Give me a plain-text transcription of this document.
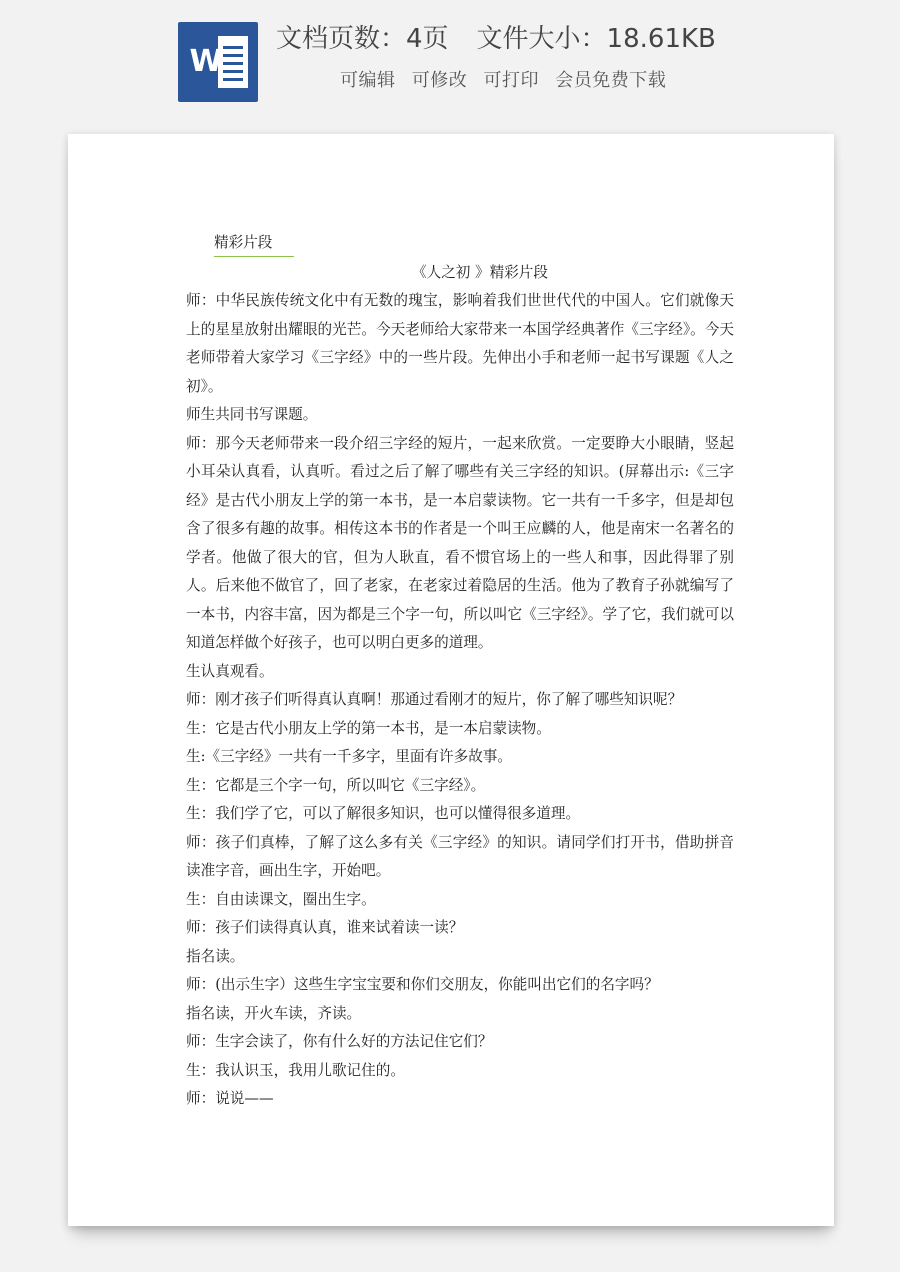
W
文档页数：4页 文件大小：18.61KB
可编辑 可修改 可打印 会员免费下载
精彩片段
《人之初 》精彩片段

师：中华民族传统文化中有无数的瑰宝，影响着我们世世代代的中国人。它们就像天上的星星放射出耀眼的光芒。今天老师给大家带来一本国学经典著作《三字经》。今天老师带着大家学习《三字经》中的一些片段。先伸出小手和老师一起书写课题《人之初》。

师生共同书写课题。

师：那今天老师带来一段介绍三字经的短片，一起来欣赏。一定要睁大小眼睛，竖起小耳朵认真看，认真听。看过之后了解了哪些有关三字经的知识。(屏幕出示:《三字经》是古代小朋友上学的第一本书，是一本启蒙读物。它一共有一千多字，但是却包含了很多有趣的故事。相传这本书的作者是一个叫王应麟的人，他是南宋一名著名的学者。他做了很大的官，但为人耿直，看不惯官场上的一些人和事，因此得罪了别人。后来他不做官了，回了老家，在老家过着隐居的生活。他为了教育子孙就编写了一本书，内容丰富，因为都是三个字一句，所以叫它《三字经》。学了它，我们就可以知道怎样做个好孩子，也可以明白更多的道理。

生认真观看。

师：刚才孩子们听得真认真啊！那通过看刚才的短片，你了解了哪些知识呢？

生：它是古代小朋友上学的第一本书，是一本启蒙读物。

生:《三字经》一共有一千多字，里面有许多故事。

生：它都是三个字一句，所以叫它《三字经》。

生：我们学了它，可以了解很多知识，也可以懂得很多道理。

师：孩子们真棒，了解了这么多有关《三字经》的知识。请同学们打开书，借助拼音读准字音，画出生字，开始吧。

生：自由读课文，圈出生字。

师：孩子们读得真认真，谁来试着读一读？

指名读。

师：(出示生字）这些生字宝宝要和你们交朋友，你能叫出它们的名字吗？

指名读，开火车读，齐读。

师：生字会读了，你有什么好的方法记住它们？

生：我认识玉，我用儿歌记住的。

师：说说——
